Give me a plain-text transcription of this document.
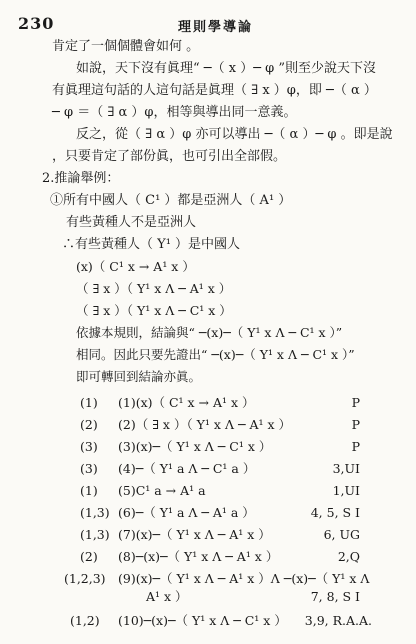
230	理則學導論
肯定了一個個體會如何 。
如說，天下沒有眞理“ ─（ x ）─ φ ”則至少說天下沒
有眞理這句話的人這句話是眞理（ ∃ x ）φ，即 ─（ α ）
─ φ ＝（ ∃ α ）φ，相等與導出同一意義。
反之，從（ ∃ α ）φ 亦可以導出 ─（ α ）─ φ 。即是說
，只要肯定了部份眞，也可引出全部假。
2.推論舉例：
①所有中國人（ C¹ ）都是亞洲人（ A¹ ）
有些黃種人不是亞洲人
∴有些黃種人（ Y¹ ）是中國人
(x)（ C¹ x → A¹ x ）
（ ∃ x ）（ Y¹ x Λ ─ A¹ x ）
（ ∃ x ）（ Y¹ x Λ ─ C¹ x ）
依據本規則，結論與“ ─(x)─（ Y¹ x Λ ─ C¹ x ）”
相同。因此只要先證出“ ─(x)─（ Y¹ x Λ ─ C¹ x ）”
即可轉回到結論亦眞。
(1) (1)(x)（ C¹ x → A¹ x ）	P
(2) (2)（ ∃ x ）（ Y¹ x Λ ─ A¹ x ）	P
(3) (3)(x)─（ Y¹ x Λ ─ C¹ x ）	P
(3) (4)─（ Y¹ a Λ ─ C¹ a ）	3,UI
(1) (5)C¹ a → A¹ a	1,UI
(1,3) (6)─（ Y¹ a Λ ─ A¹ a ）	4, 5, S I
(1,3) (7)(x)─（ Y¹ x Λ ─ A¹ x ）	6, UG
(2) (8)─(x)─（ Y¹ x Λ ─ A¹ x ）	2,Q
(1,2,3) (9)(x)─（ Y¹ x Λ ─ A¹ x ）Λ ─(x)─（ Y¹ x Λ
A¹ x ）	7, 8, S I
(1,2) (10)─(x)─（ Y¹ x Λ ─ C¹ x ） 3,9, R.A.A.
